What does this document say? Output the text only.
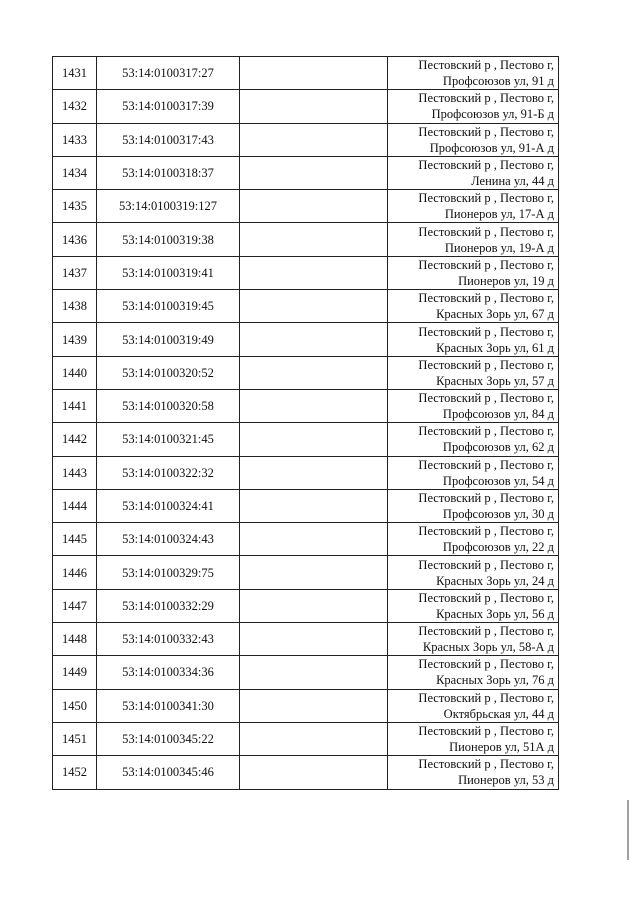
1431	53:14:0100317:27		Пестовский р , Пестово г,
Профсоюзов ул, 91 д

1432	53:14:0100317:39		Пестовский р , Пестово г,
Профсоюзов ул, 91-Б д

1433	53:14:0100317:43		Пестовский р , Пестово г,
Профсоюзов ул, 91-А д

1434	53:14:0100318:37		Пестовский р , Пестово г,
Ленина ул, 44 д

1435	53:14:0100319:127		Пестовский р , Пестово г,
Пионеров ул, 17-А д

1436	53:14:0100319:38		Пестовский р , Пестово г,
Пионеров ул, 19-А д

1437	53:14:0100319:41		Пестовский р , Пестово г,
Пионеров ул, 19 д

1438	53:14:0100319:45		Пестовский р , Пестово г,
Красных Зорь ул, 67 д

1439	53:14:0100319:49		Пестовский р , Пестово г,
Красных Зорь ул, 61 д

1440	53:14:0100320:52		Пестовский р , Пестово г,
Красных Зорь ул, 57 д

1441	53:14:0100320:58		Пестовский р , Пестово г,
Профсоюзов ул, 84 д

1442	53:14:0100321:45		Пестовский р , Пестово г,
Профсоюзов ул, 62 д

1443	53:14:0100322:32		Пестовский р , Пестово г,
Профсоюзов ул, 54 д

1444	53:14:0100324:41		Пестовский р , Пестово г,
Профсоюзов ул, 30 д

1445	53:14:0100324:43		Пестовский р , Пестово г,
Профсоюзов ул, 22 д

1446	53:14:0100329:75		Пестовский р , Пестово г,
Красных Зорь ул, 24 д

1447	53:14:0100332:29		Пестовский р , Пестово г,
Красных Зорь ул, 56 д

1448	53:14:0100332:43		Пестовский р , Пестово г,
Красных Зорь ул, 58-А д

1449	53:14:0100334:36		Пестовский р , Пестово г,
Красных Зорь ул, 76 д

1450	53:14:0100341:30		Пестовский р , Пестово г,
Октябрьская ул, 44 д

1451	53:14:0100345:22		Пестовский р , Пестово г,
Пионеров ул, 51А д

1452	53:14:0100345:46		Пестовский р , Пестово г,
Пионеров ул, 53 д
